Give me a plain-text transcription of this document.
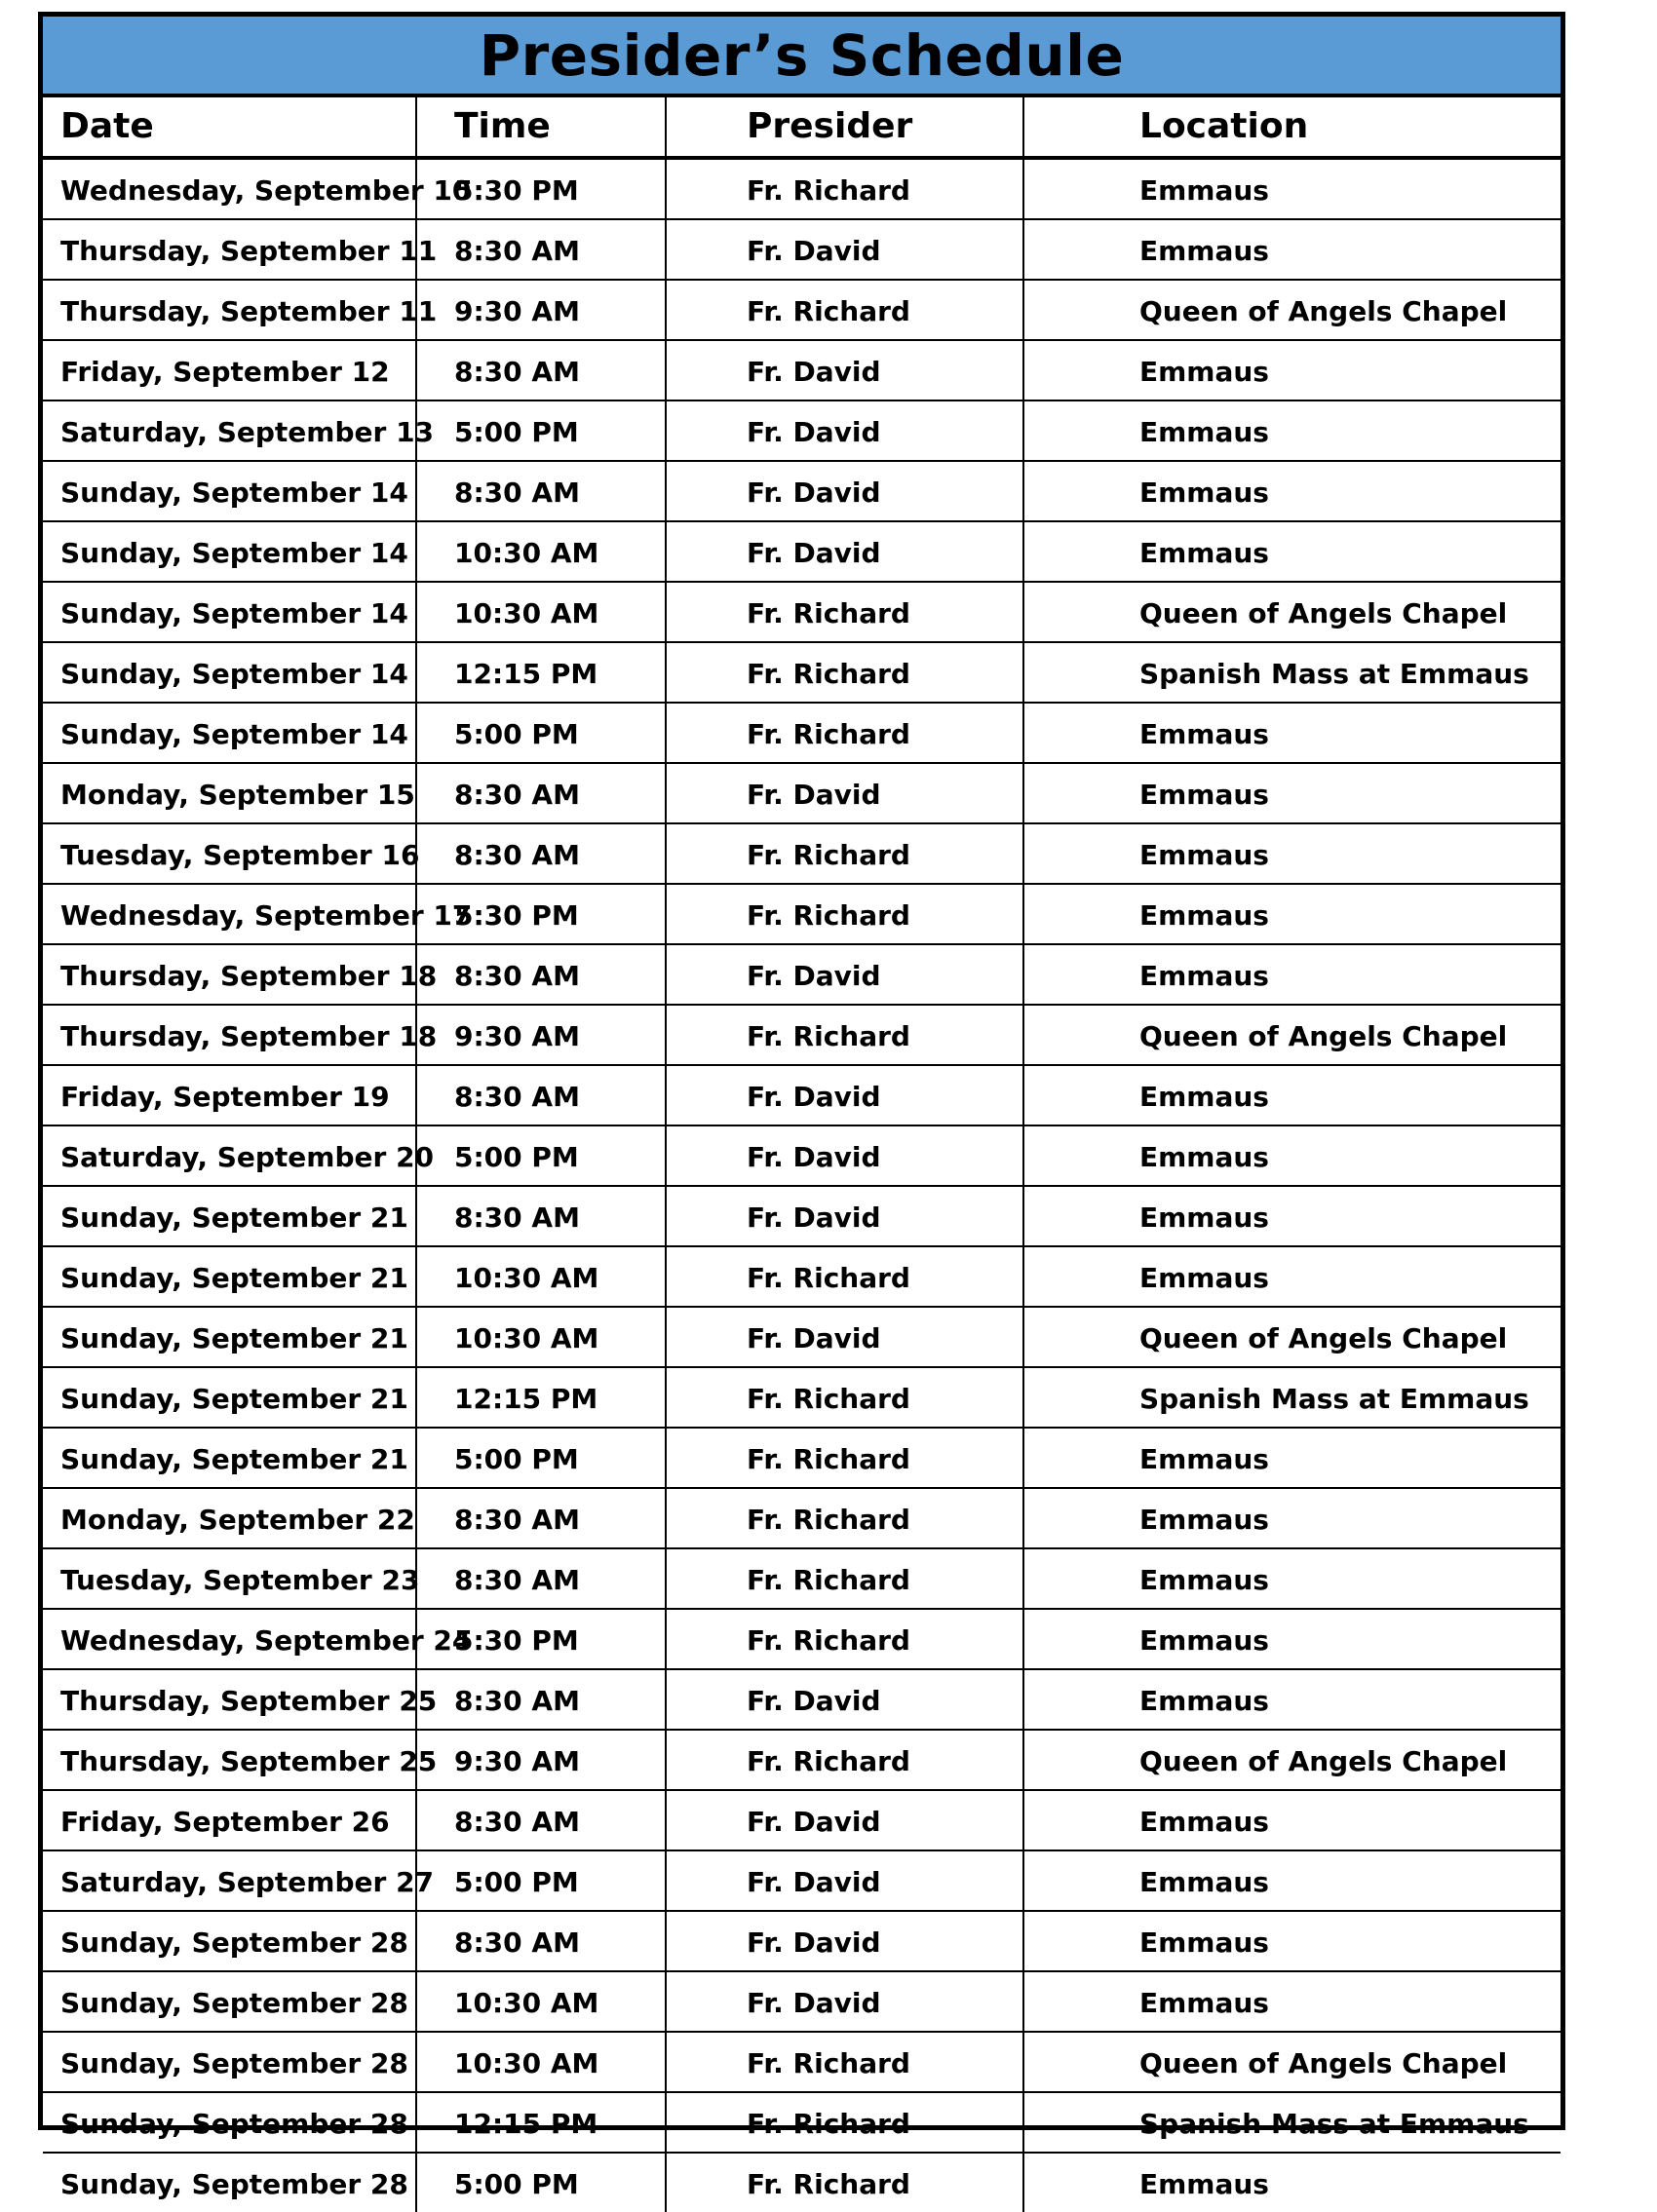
Presider’s Schedule
Date	Time	Presider	Location
Wednesday, September 10	5:30 PM	Fr. Richard	Emmaus
Thursday, September 11	8:30 AM	Fr. David	Emmaus
Thursday, September 11	9:30 AM	Fr. Richard	Queen of Angels Chapel
Friday, September 12	8:30 AM	Fr. David	Emmaus
Saturday, September 13	5:00 PM	Fr. David	Emmaus
Sunday, September 14	8:30 AM	Fr. David	Emmaus
Sunday, September 14	10:30 AM	Fr. David	Emmaus
Sunday, September 14	10:30 AM	Fr. Richard	Queen of Angels Chapel
Sunday, September 14	12:15 PM	Fr. Richard	Spanish Mass at Emmaus
Sunday, September 14	5:00 PM	Fr. Richard	Emmaus
Monday, September 15	8:30 AM	Fr. David	Emmaus
Tuesday, September 16	8:30 AM	Fr. Richard	Emmaus
Wednesday, September 17	5:30 PM	Fr. Richard	Emmaus
Thursday, September 18	8:30 AM	Fr. David	Emmaus
Thursday, September 18	9:30 AM	Fr. Richard	Queen of Angels Chapel
Friday, September 19	8:30 AM	Fr. David	Emmaus
Saturday, September 20	5:00 PM	Fr. David	Emmaus
Sunday, September 21	8:30 AM	Fr. David	Emmaus
Sunday, September 21	10:30 AM	Fr. Richard	Emmaus
Sunday, September 21	10:30 AM	Fr. David	Queen of Angels Chapel
Sunday, September 21	12:15 PM	Fr. Richard	Spanish Mass at Emmaus
Sunday, September 21	5:00 PM	Fr. Richard	Emmaus
Monday, September 22	8:30 AM	Fr. Richard	Emmaus
Tuesday, September 23	8:30 AM	Fr. Richard	Emmaus
Wednesday, September 24	5:30 PM	Fr. Richard	Emmaus
Thursday, September 25	8:30 AM	Fr. David	Emmaus
Thursday, September 25	9:30 AM	Fr. Richard	Queen of Angels Chapel
Friday, September 26	8:30 AM	Fr. David	Emmaus
Saturday, September 27	5:00 PM	Fr. David	Emmaus
Sunday, September 28	8:30 AM	Fr. David	Emmaus
Sunday, September 28	10:30 AM	Fr. David	Emmaus
Sunday, September 28	10:30 AM	Fr. Richard	Queen of Angels Chapel
Sunday, September 28	12:15 PM	Fr. Richard	Spanish Mass at Emmaus
Sunday, September 28	5:00 PM	Fr. Richard	Emmaus
